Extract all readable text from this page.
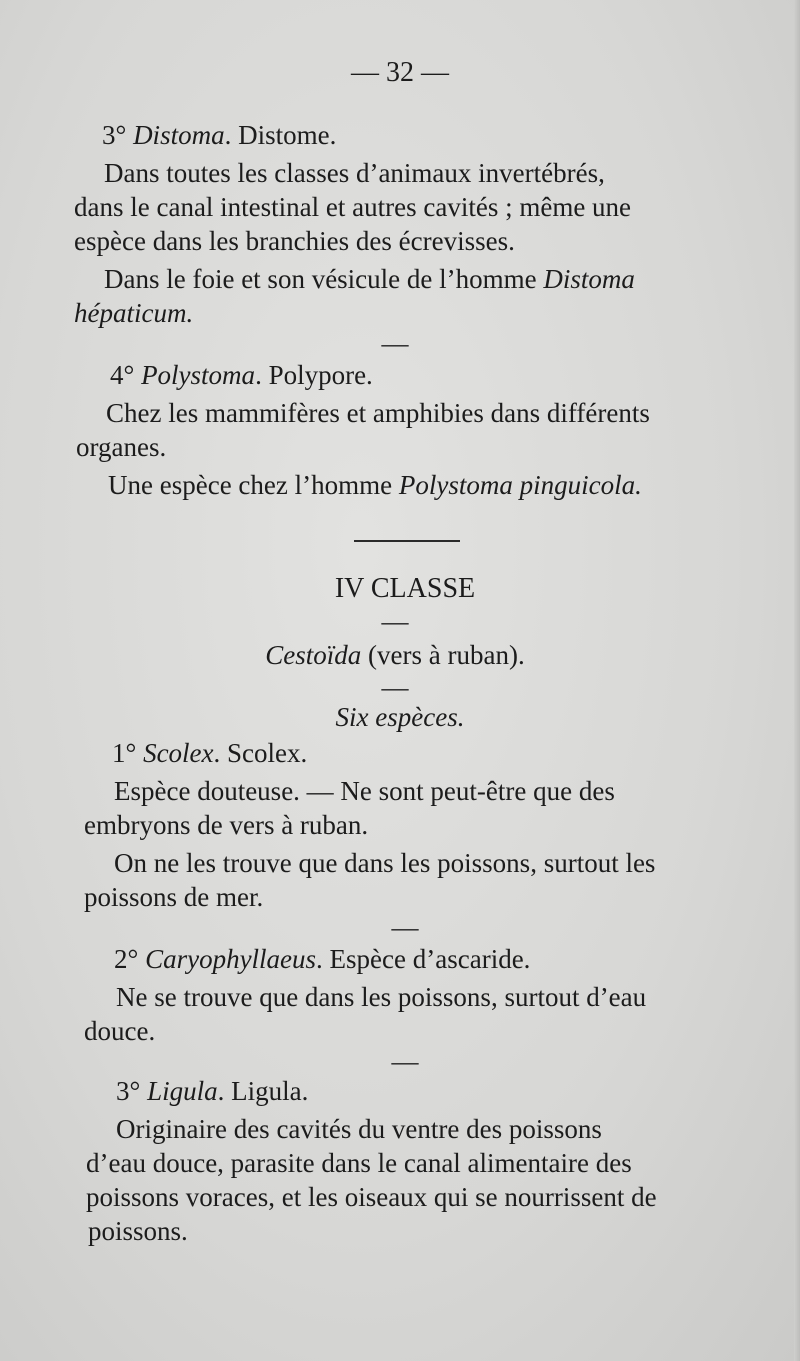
— 32 —
3° Distoma. Distome.
Dans toutes les classes d’animaux invertébrés,
dans le canal intestinal et autres cavités ; même une
espèce dans les branchies des écrevisses.
Dans le foie et son vésicule de l’homme Distoma
hépaticum.
—
4° Polystoma. Polypore.
Chez les mammifères et amphibies dans différents
organes.
Une espèce chez l’homme Polystoma pinguicola.
IV CLASSE
—
Cestoïda (vers à ruban).
—
Six espèces.
1° Scolex. Scolex.
Espèce douteuse. — Ne sont peut-être que des
embryons de vers à ruban.
On ne les trouve que dans les poissons, surtout les
poissons de mer.
—
2° Caryophyllaeus. Espèce d’ascaride.
Ne se trouve que dans les poissons, surtout d’eau
douce.
—
3° Ligula. Ligula.
Originaire des cavités du ventre des poissons
d’eau douce, parasite dans le canal alimentaire des
poissons voraces, et les oiseaux qui se nourrissent de
poissons.
